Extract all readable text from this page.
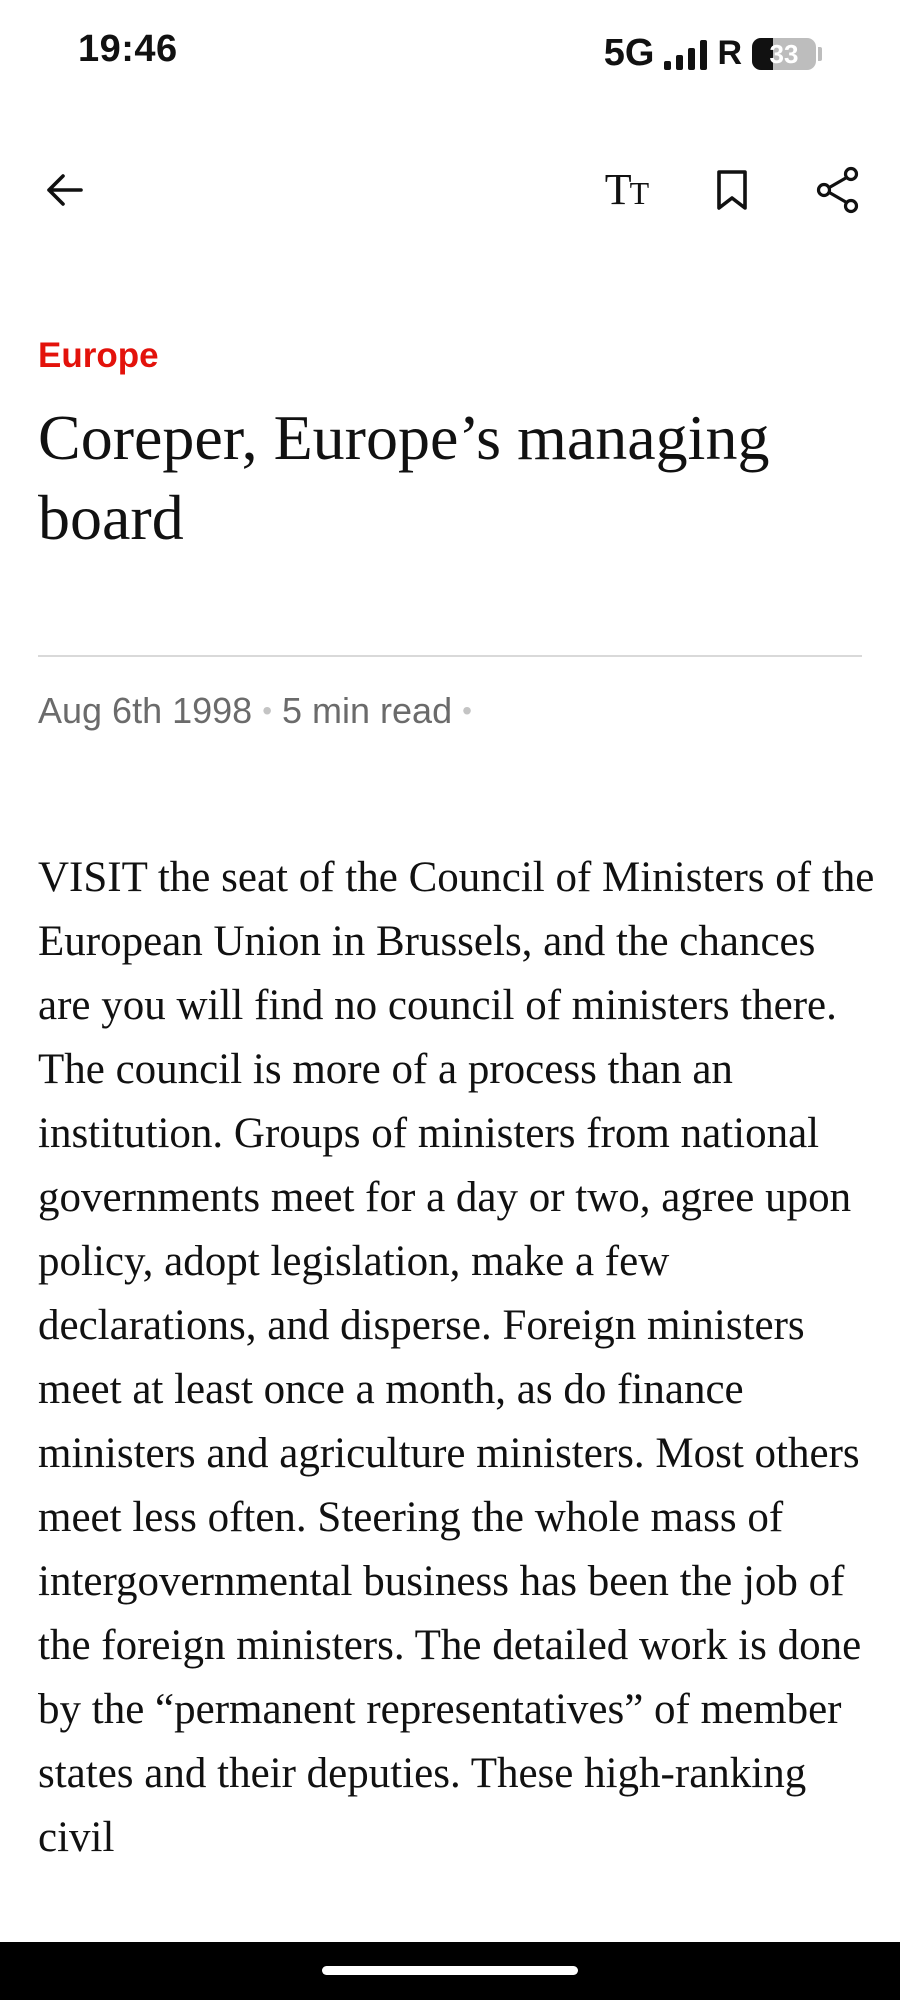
19:46	5G R	33
TT
Europe
Coreper, Europe’s managing board
Aug 6th 1998 • 5 min read •

VISIT the seat of the Council of Ministers of the European Union in Brussels, and the chances are you will find no council of ministers there. The council is more of a process than an institution. Groups of ministers from national governments meet for a day or two, agree upon policy, adopt legislation, make a few declarations, and disperse. Foreign ministers meet at least once a month, as do finance ministers and agriculture ministers. Most others meet less often. Steering the whole mass of intergovernmental business has been the job of the foreign ministers. The detailed work is done by the “permanent representatives” of member states and their deputies. These high-ranking civil
